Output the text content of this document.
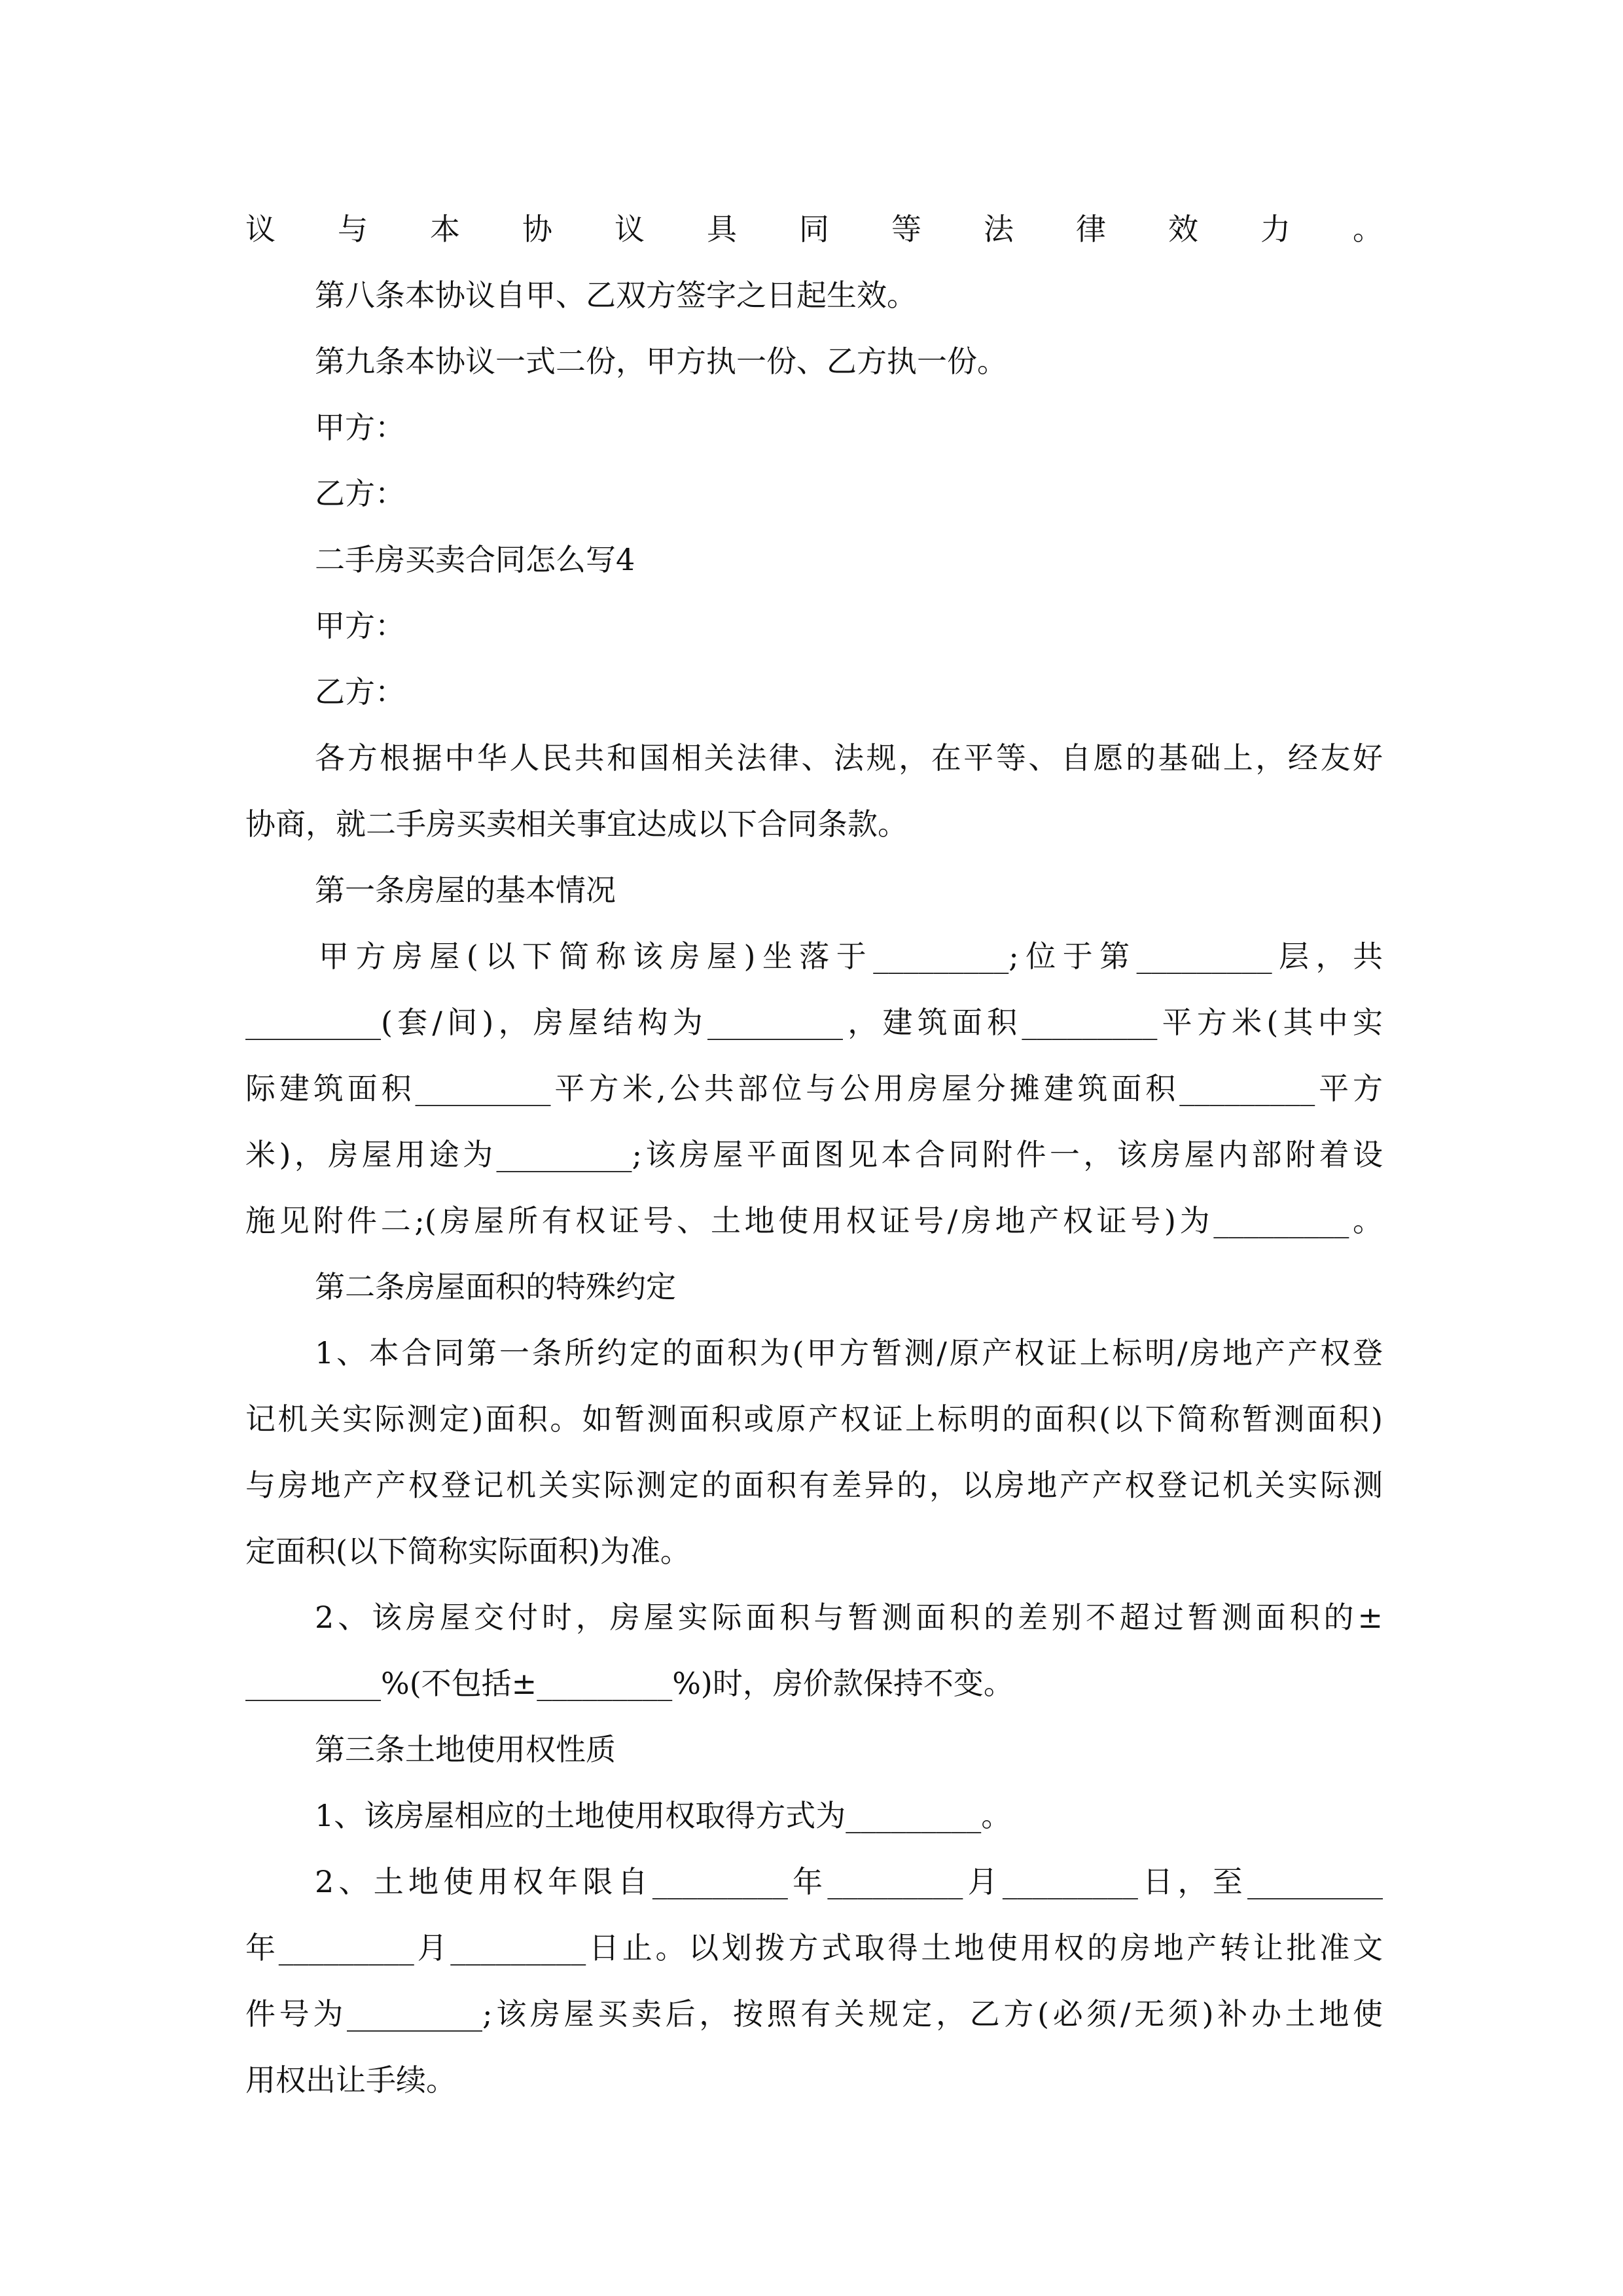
议与本协议具同等法律效力。
第八条本协议自甲、乙双方签字之日起生效。
第九条本协议一式二份，甲方执一份、乙方执一份。
甲方：
乙方：
二手房买卖合同怎么写4
甲方：
乙方：
各方根据中华人民共和国相关法律、法规，在平等、自愿的基础上，经友好
协商，就二手房买卖相关事宜达成以下合同条款。
第一条房屋的基本情况
甲方房屋(以下简称该房屋)坐落于_________;位于第_________层，共
_________(套/间)，房屋结构为_________，建筑面积_________平方米(其中实
际建筑面积_________平方米,公共部位与公用房屋分摊建筑面积_________平方
米)，房屋用途为_________;该房屋平面图见本合同附件一，该房屋内部附着设
施见附件二;(房屋所有权证号、土地使用权证号/房地产权证号)为_________。
第二条房屋面积的特殊约定
1、本合同第一条所约定的面积为(甲方暂测/原产权证上标明/房地产产权登
记机关实际测定)面积。如暂测面积或原产权证上标明的面积(以下简称暂测面积)
与房地产产权登记机关实际测定的面积有差异的，以房地产产权登记机关实际测
定面积(以下简称实际面积)为准。
2、该房屋交付时，房屋实际面积与暂测面积的差别不超过暂测面积的±
_________%(不包括±_________%)时，房价款保持不变。
第三条土地使用权性质
1、该房屋相应的土地使用权取得方式为_________。
2、土地使用权年限自_________年_________月_________日，至_________
年_________月_________日止。以划拨方式取得土地使用权的房地产转让批准文
件号为_________;该房屋买卖后，按照有关规定，乙方(必须/无须)补办土地使
用权出让手续。
